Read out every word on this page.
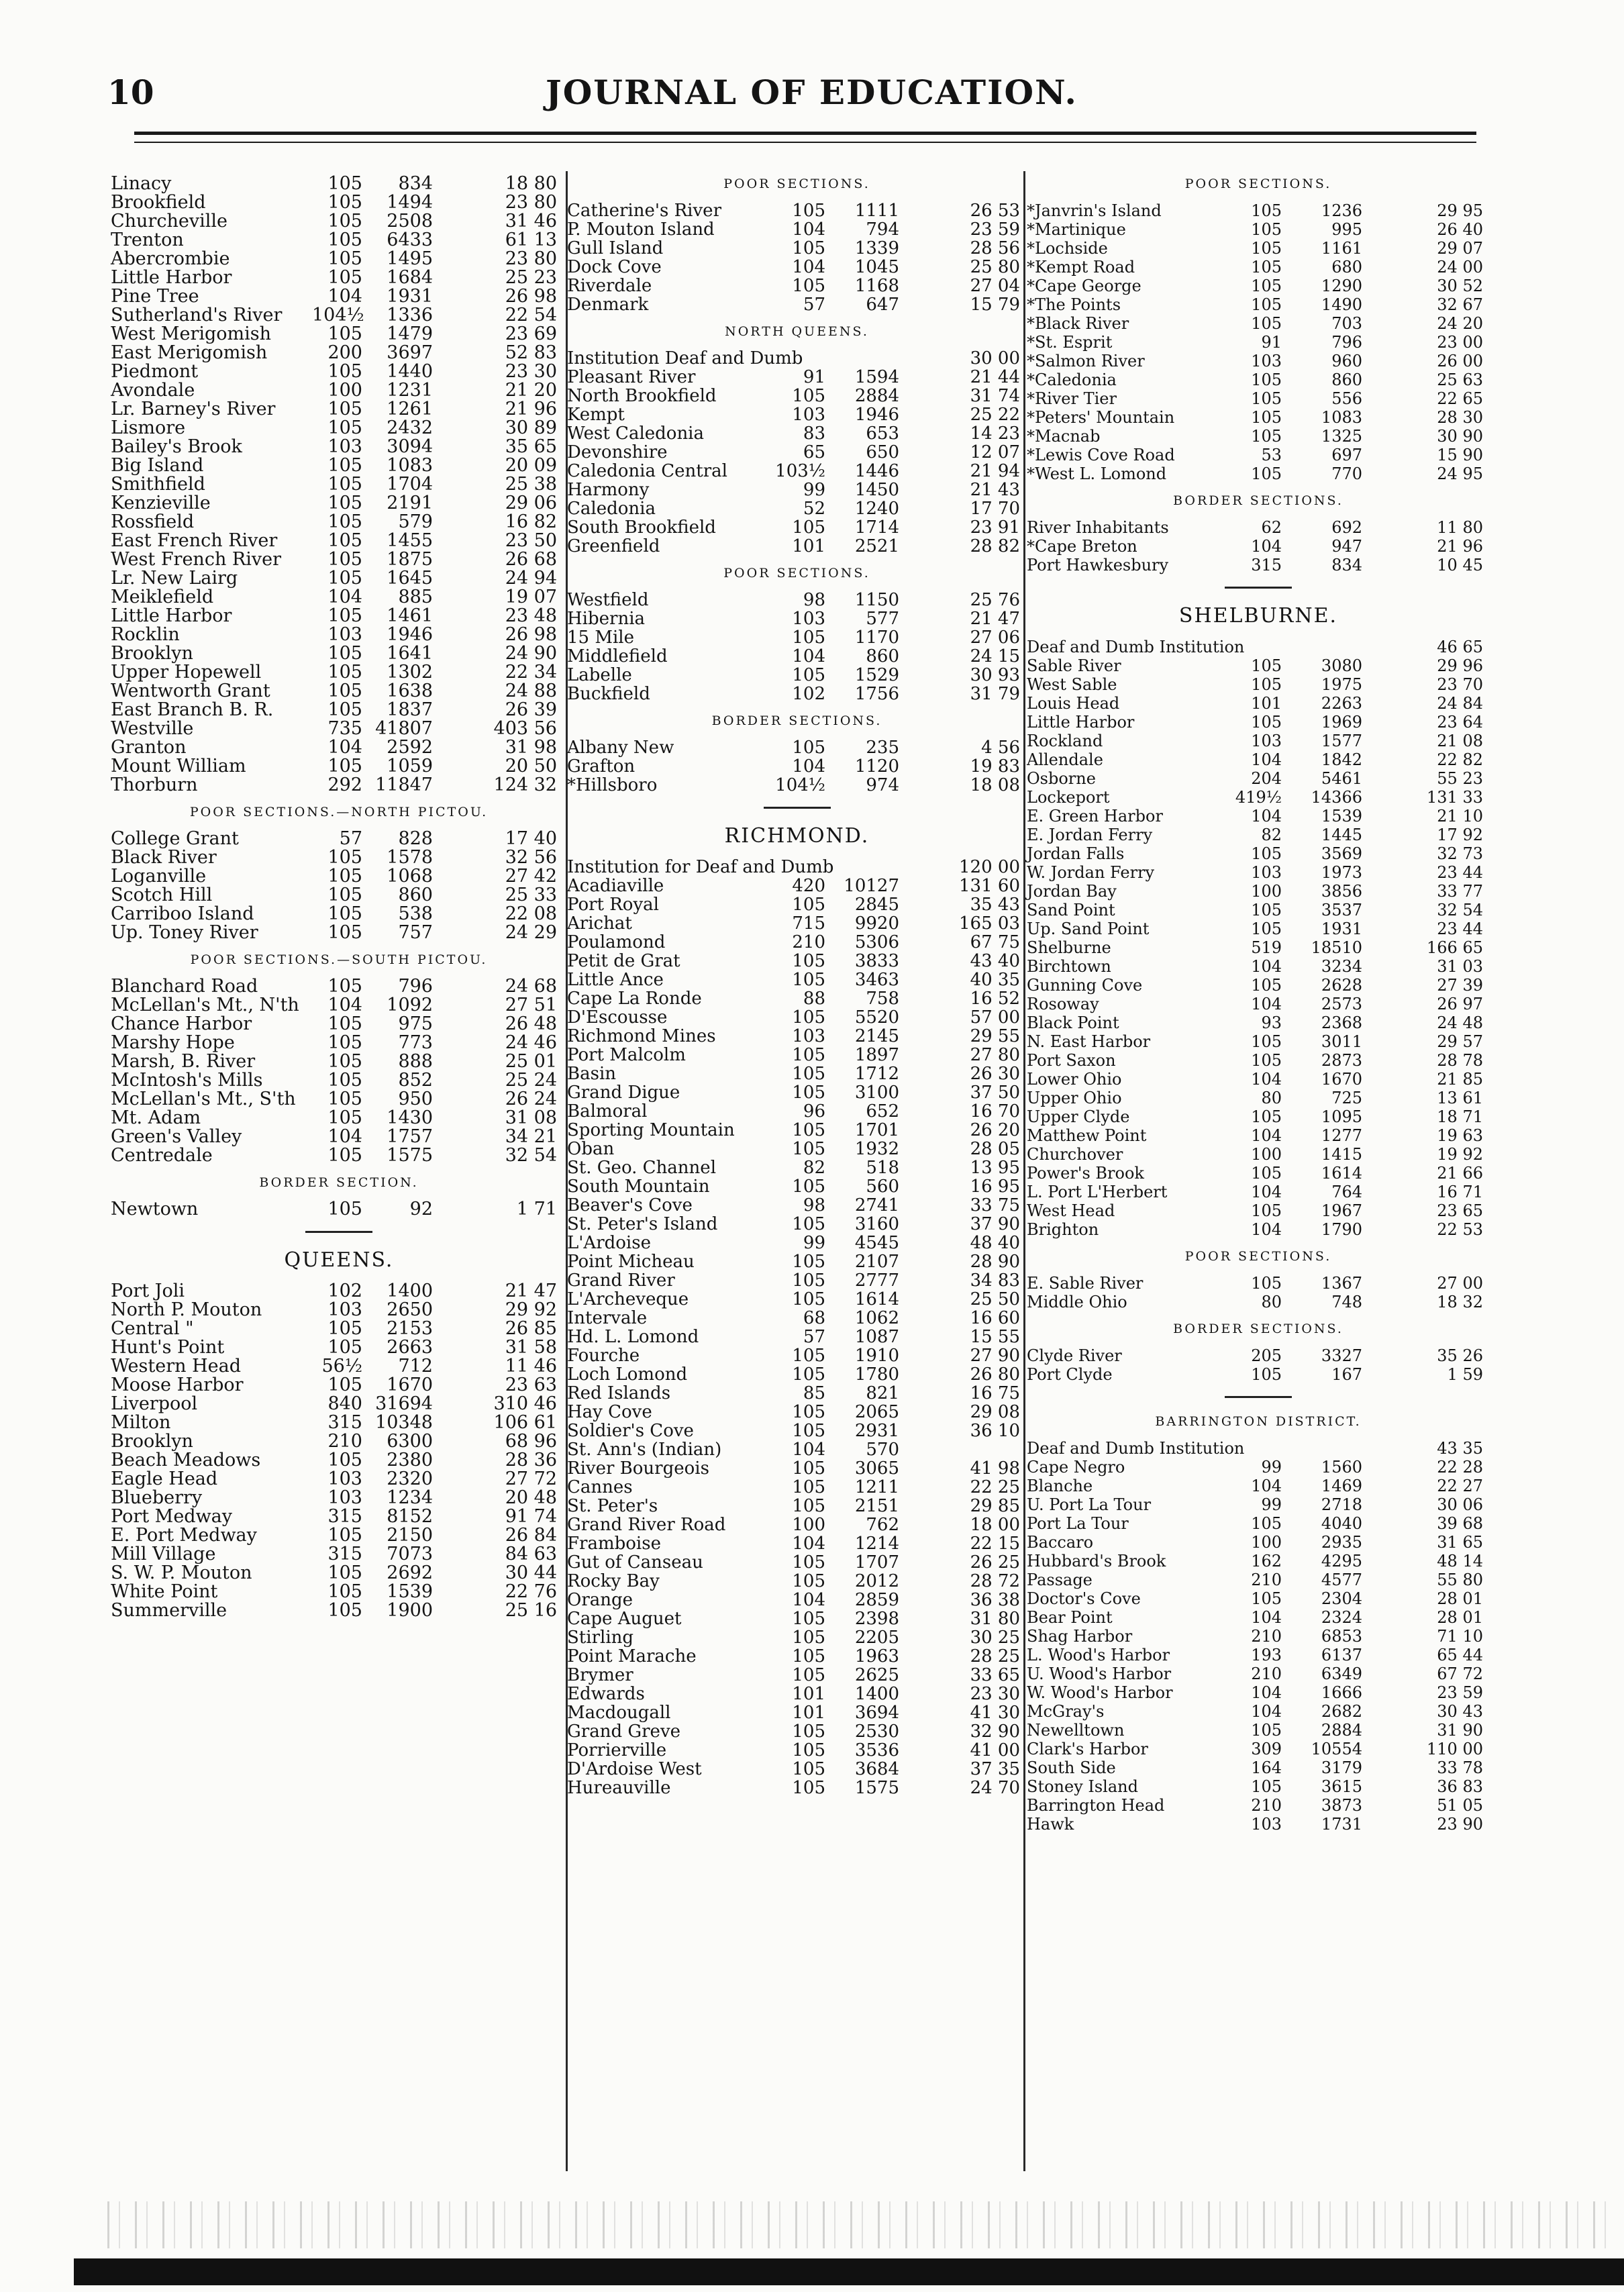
10	JOURNAL OF EDUCATION.
Linacy	105 834	18 80
Brookfield	105 1494	23 80
Churcheville	105 2508	31 46
Trenton	105 6433	61 13
Abercrombie	105 1495	23 80
Little Harbor	105 1684	25 23
Pine Tree	104 1931	26 98
Sutherland's River 104½ 1336	22 54
West Merigomish	105 1479	23 69
East Merigomish	200 3697	52 83
Piedmont	105 1440	23 30
Avondale	100 1231	21 20
Lr. Barney's River	105 1261	21 96
Lismore	105 2432	30 89
Bailey's Brook	103 3094	35 65
Big Island	105 1083	20 09
Smithfield	105 1704	25 38
Kenzieville	105 2191	29 06
Rossfield	105 579	16 82
East French River	105 1455	23 50
West French River	105 1875	26 68
Lr. New Lairg	105 1645	24 94
Meiklefield	104 885	19 07
Little Harbor	105 1461	23 48
Rocklin	103 1946	26 98
Brooklyn	105 1641	24 90
Upper Hopewell	105 1302	22 34
Wentworth Grant	105 1638	24 88
East Branch B. R.	105 1837	26 39
Westville	735 41807	403 56
Granton	104 2592	31 98
Mount William	105 1059	20 50
Thorburn	292 11847	124 32
POOR SECTIONS.—NORTH PICTOU.
College Grant	57 828	17 40
Black River	105 1578	32 56
Loganville	105 1068	27 42
Scotch Hill	105 860	25 33
Carriboo Island	105 538	22 08
Up. Toney River	105 757	24 29
POOR SECTIONS.—SOUTH PICTOU.
Blanchard Road	105 796	24 68
McLellan's Mt., N'th 104 1092	27 51
Chance Harbor	105 975	26 48
Marshy Hope	105 773	24 46
Marsh, B. River	105 888	25 01
McIntosh's Mills	105 852	25 24
McLellan's Mt., S'th 105 950	26 24
Mt. Adam	105 1430	31 08
Green's Valley	104 1757	34 21
Centredale	105 1575	32 54
BORDER SECTION.
Newtown	105	92	1 71
QUEENS.
Port Joli	102 1400	21 47
North P. Mouton	103 2650	29 92
Central "	105 2153	26 85
Hunt's Point	105 2663	31 58
Western Head	56½ 712	11 46
Moose Harbor	105 1670	23 63
Liverpool	840 31694	310 46
Milton	315 10348	106 61
Brooklyn	210 6300	68 96
Beach Meadows	105 2380	28 36
Eagle Head	103 2320	27 72
Blueberry	103 1234	20 48
Port Medway	315 8152	91 74
E. Port Medway	105 2150	26 84
Mill Village	315 7073	84 63
S. W. P. Mouton	105 2692	30 44
White Point	105 1539	22 76
Summerville	105 1900	25 16
POOR SECTIONS.
Catherine's River	105 1111	26 53
P. Mouton Island	104 794	23 59
Gull Island	105 1339	28 56
Dock Cove	104 1045	25 80
Riverdale	105 1168	27 04
Denmark	57 647	15 79
NORTH QUEENS.
Institution Deaf and Dumb	30 00
Pleasant River	91 1594	21 44
North Brookfield	105 2884	31 74
Kempt	103 1946	25 22
West Caledonia	83 653	14 23
Devonshire	65 650	12 07
Caledonia Central	103½ 1446	21 94
Harmony	99 1450	21 43
Caledonia	52 1240	17 70
South Brookfield	105 1714	23 91
Greenfield	101 2521	28 82
POOR SECTIONS.
Westfield	98 1150	25 76
Hibernia	103 577	21 47
15 Mile	105 1170	27 06
Middlefield	104 860	24 15
Labelle	105 1529	30 93
Buckfield	102 1756	31 79
BORDER SECTIONS.
Albany New	105 235	4 56
Grafton	104 1120	19 83
*Hillsboro	104½ 974	18 08
RICHMOND.
Institution for Deaf and Dumb	120 00
Acadiaville	420 10127	131 60
Port Royal	105 2845	35 43
Arichat	715 9920	165 03
Poulamond	210 5306	67 75
Petit de Grat	105 3833	43 40
Little Ance	105 3463	40 35
Cape La Ronde	88 758	16 52
D'Escousse	105 5520	57 00
Richmond Mines	103 2145	29 55
Port Malcolm	105 1897	27 80
Basin	105 1712	26 30
Grand Digue	105 3100	37 50
Balmoral	96 652	16 70
Sporting Mountain	105 1701	26 20
Oban	105 1932	28 05
St. Geo. Channel	82 518	13 95
South Mountain	105 560	16 95
Beaver's Cove	98 2741	33 75
St. Peter's Island	105 3160	37 90
L'Ardoise	99 4545	48 40
Point Micheau	105 2107	28 90
Grand River	105 2777	34 83
L'Archeveque	105 1614	25 50
Intervale	68 1062	16 60
Hd. L. Lomond	57 1087	15 55
Fourche	105 1910	27 90
Loch Lomond	105 1780	26 80
Red Islands	85 821	16 75
Hay Cove	105 2065	29 08
Soldier's Cove	105 2931	36 10
St. Ann's (Indian)	104 570
River Bourgeois	105 3065	41 98
Cannes	105 1211	22 25
St. Peter's	105 2151	29 85
Grand River Road	100 762	18 00
Framboise	104 1214	22 15
Gut of Canseau	105 1707	26 25
Rocky Bay	105 2012	28 72
Orange	104 2859	36 38
Cape Auguet	105 2398	31 80
Stirling	105 2205	30 25
Point Marache	105 1963	28 25
Brymer	105 2625	33 65
Edwards	101 1400	23 30
Macdougall	101 3694	41 30
Grand Greve	105 2530	32 90
Porrierville	105 3536	41 00
D'Ardoise West	105 3684	37 35
Hureauville	105 1575	24 70
POOR SECTIONS.
*Janvrin's Island	105 1236	29 95
*Martinique	105	995	26 40
*Lochside	105 1161	29 07
*Kempt Road	105	680	24 00
*Cape George	105 1290	30 52
*The Points	105 1490	32 67
*Black River	105	703	24 20
*St. Esprit	91	796	23 00
*Salmon River	103	960	26 00
*Caledonia	105	860	25 63
*River Tier	105	556	22 65
*Peters' Mountain	105 1083	28 30
*Macnab	105 1325	30 90
*Lewis Cove Road	53	697	15 90
*West L. Lomond	105	770	24 95
BORDER SECTIONS.
River Inhabitants	62	692	11 80
*Cape Breton	104	947	21 96
Port Hawkesbury	315	834	10 45
SHELBURNE.
Deaf and Dumb Institution	46 65
Sable River	105 3080	29 96
West Sable	105 1975	23 70
Louis Head	101 2263	24 84
Little Harbor	105 1969	23 64
Rockland	103 1577	21 08
Allendale	104 1842	22 82
Osborne	204 5461	55 23
Lockeport	419½ 14366	131 33
E. Green Harbor	104 1539	21 10
E. Jordan Ferry	82 1445	17 92
Jordan Falls	105 3569	32 73
W. Jordan Ferry	103 1973	23 44
Jordan Bay	100 3856	33 77
Sand Point	105 3537	32 54
Up. Sand Point	105 1931	23 44
Shelburne	519 18510	166 65
Birchtown	104 3234	31 03
Gunning Cove	105 2628	27 39
Rosoway	104 2573	26 97
Black Point	93 2368	24 48
N. East Harbor	105 3011	29 57
Port Saxon	105 2873	28 78
Lower Ohio	104 1670	21 85
Upper Ohio	80	725	13 61
Upper Clyde	105 1095	18 71
Matthew Point	104 1277	19 63
Churchover	100 1415	19 92
Power's Brook	105 1614	21 66
L. Port L'Herbert	104	764	16 71
West Head	105 1967	23 65
Brighton	104 1790	22 53
POOR SECTIONS.
E. Sable River	105 1367	27 00
Middle Ohio	80	748	18 32
BORDER SECTIONS.
Clyde River	205 3327	35 26
Port Clyde	105	167	1 59
BARRINGTON DISTRICT.
Deaf and Dumb Institution	43 35
Cape Negro	99 1560	22 28
Blanche	104 1469	22 27
U. Port La Tour	99 2718	30 06
Port La Tour	105 4040	39 68
Baccaro	100 2935	31 65
Hubbard's Brook	162 4295	48 14
Passage	210 4577	55 80
Doctor's Cove	105 2304	28 01
Bear Point	104 2324	28 01
Shag Harbor	210 6853	71 10
L. Wood's Harbor	193 6137	65 44
U. Wood's Harbor	210 6349	67 72
W. Wood's Harbor	104 1666	23 59
McGray's	104 2682	30 43
Newelltown	105 2884	31 90
Clark's Harbor	309 10554	110 00
South Side	164 3179	33 78
Stoney Island	105 3615	36 83
Barrington Head	210 3873	51 05
Hawk	103 1731	23 90
